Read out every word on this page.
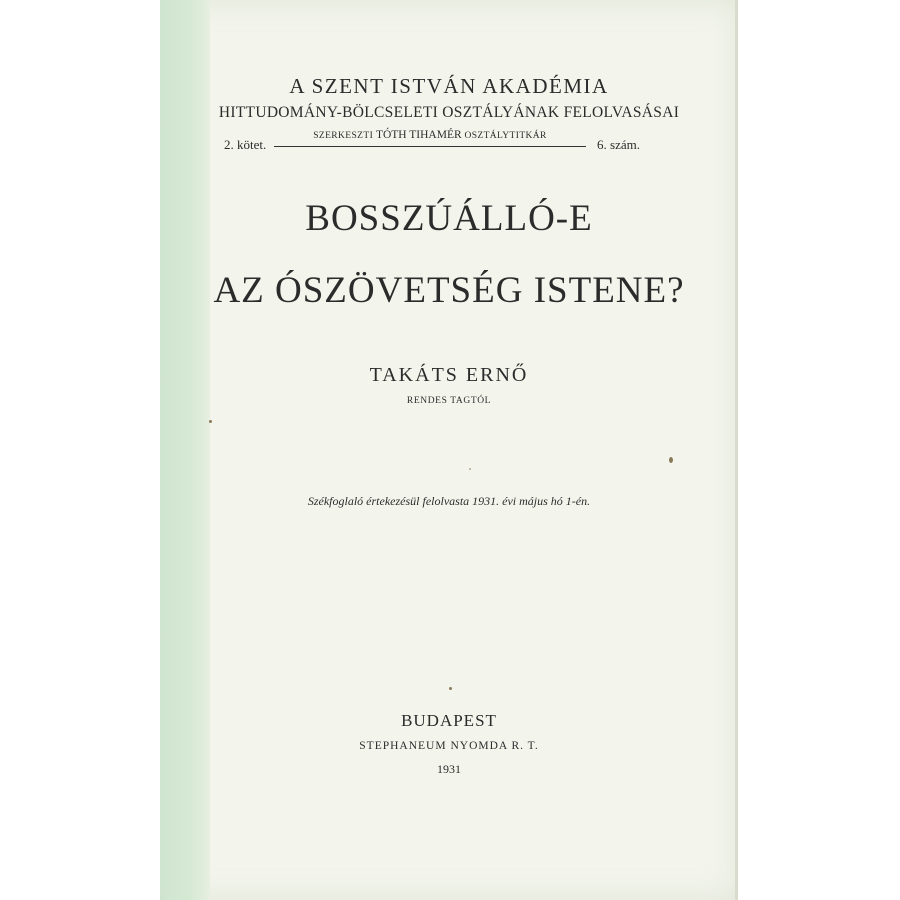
A SZENT ISTVÁN AKADÉMIA
HITTUDOMÁNY-BÖLCSELETI OSZTÁLYÁNAK FELOLVASÁSAI
2. kötet.
SZERKESZTI TÓTH TIHAMÉR OSZTÁLYTITKÁR
6. szám.
BOSSZÚÁLLÓ-E
AZ ÓSZÖVETSÉG ISTENE?
TAKÁTS ERNŐ
RENDES TAGTÓL
Székfoglaló értekezésül felolvasta 1931. évi május hó 1-én.
BUDAPEST
STEPHANEUM NYOMDA R. T.
1931
